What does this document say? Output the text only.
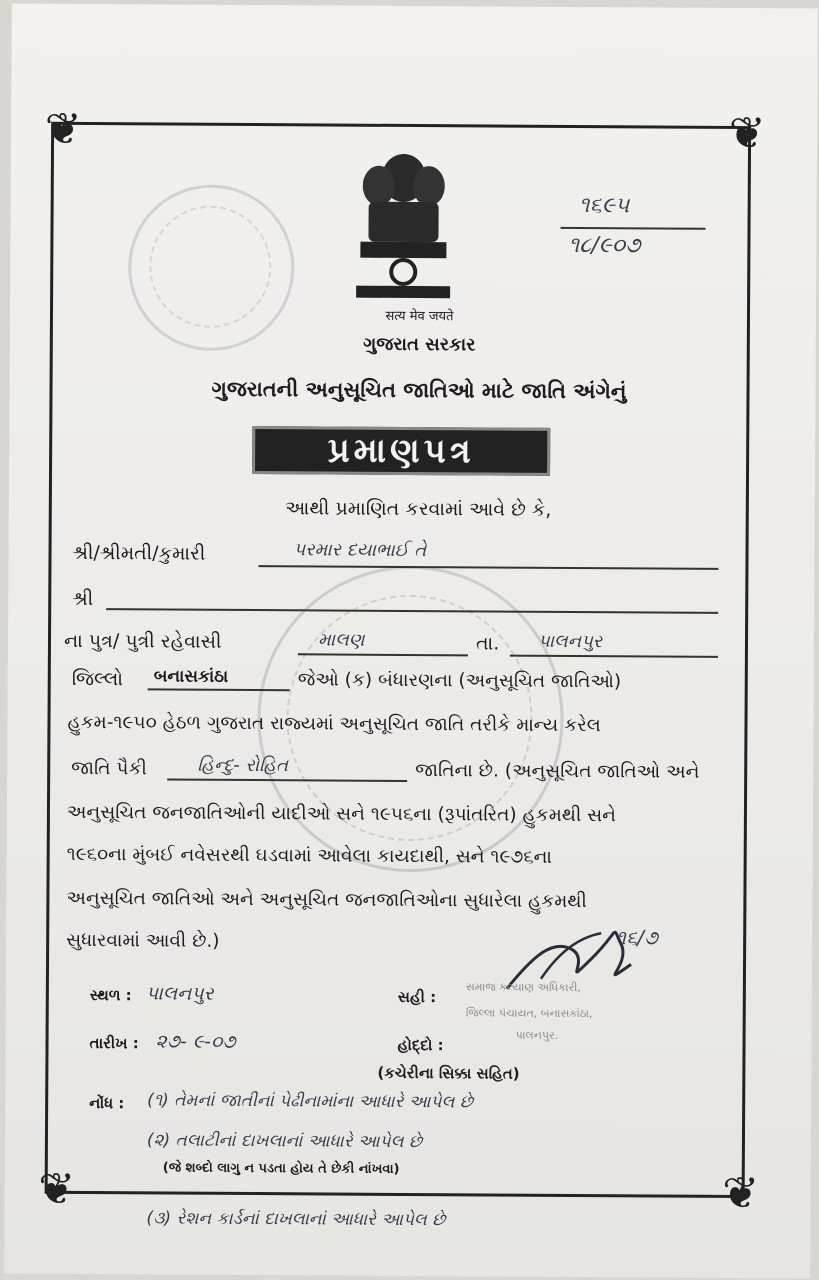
❦	❦
❦	❦
૧૬૯૫
૧૮/૯૦૭
सत्य मेव जयते
ગુજરાત સરકાર
ગુજરાતની અનુસૂચિત જાતિઓ માટે જાતિ અંગેનું
પ્રમાણપત્ર
આથી પ્રમાણિત કરવામાં આવે છે કે,
શ્રી/શ્રીમતી/કુમારી	પરમાર દયાભાઈ તે
શ્રી
ના પુત્ર/ પુત્રી રહેવાસી	માલણ	તા. પાલનપુર
જિલ્લો બનાસકાંઠા	જેઓ (ક) બંધારણના (અનુસૂચિત જાતિઓ)
હુકમ-૧૯૫૦ હેઠળ ગુજરાત રાજ્યમાં અનુસૂચિત જાતિ તરીકે માન્ય કરેલ
જાતિ પૈકી	હિન્દુ- રોહિત	જાતિના છે. (અનુસૂચિત જાતિઓ અને
અનુસૂચિત જનજાતિઓની યાદીઓ સને ૧૯૫૬ના (રૂપાંતરિત) હુકમથી સને
૧૯૬૦ના મુંબઈ નવેસરથી ઘડવામાં આવેલા કાયદાથી, સને ૧૯૭૬ના
અનુસૂચિત જાતિઓ અને અનુસૂચિત જનજાતિઓના સુધારેલા હુકમથી
સુધારવામાં આવી છે.)	૧૬/૭
સ્થળ : પાલનપુર	સહી :
સમાજ કલ્યાણ અધિકારી,
જિલ્લા પંચાયત, બનાસકાંઠા,
પાલનપુર.
તારીખ : ૨૭- ૯-૦૭	હોદ્દો :
(કચેરીના સિક્કા સહિત)
નોંધ : (૧) તેમનાં જાતીનાં પેઢીનામાંના આધારે આપેલ છે
(૨) તલાટીનાં દાખલાનાં આધારે આપેલ છે
(જે શબ્દો લાગુ ન પડતા હોય તે છેકી નાંખવા)
(૩) રેશન કાર્ડનાં દાખલાનાં આધારે આપેલ છે
